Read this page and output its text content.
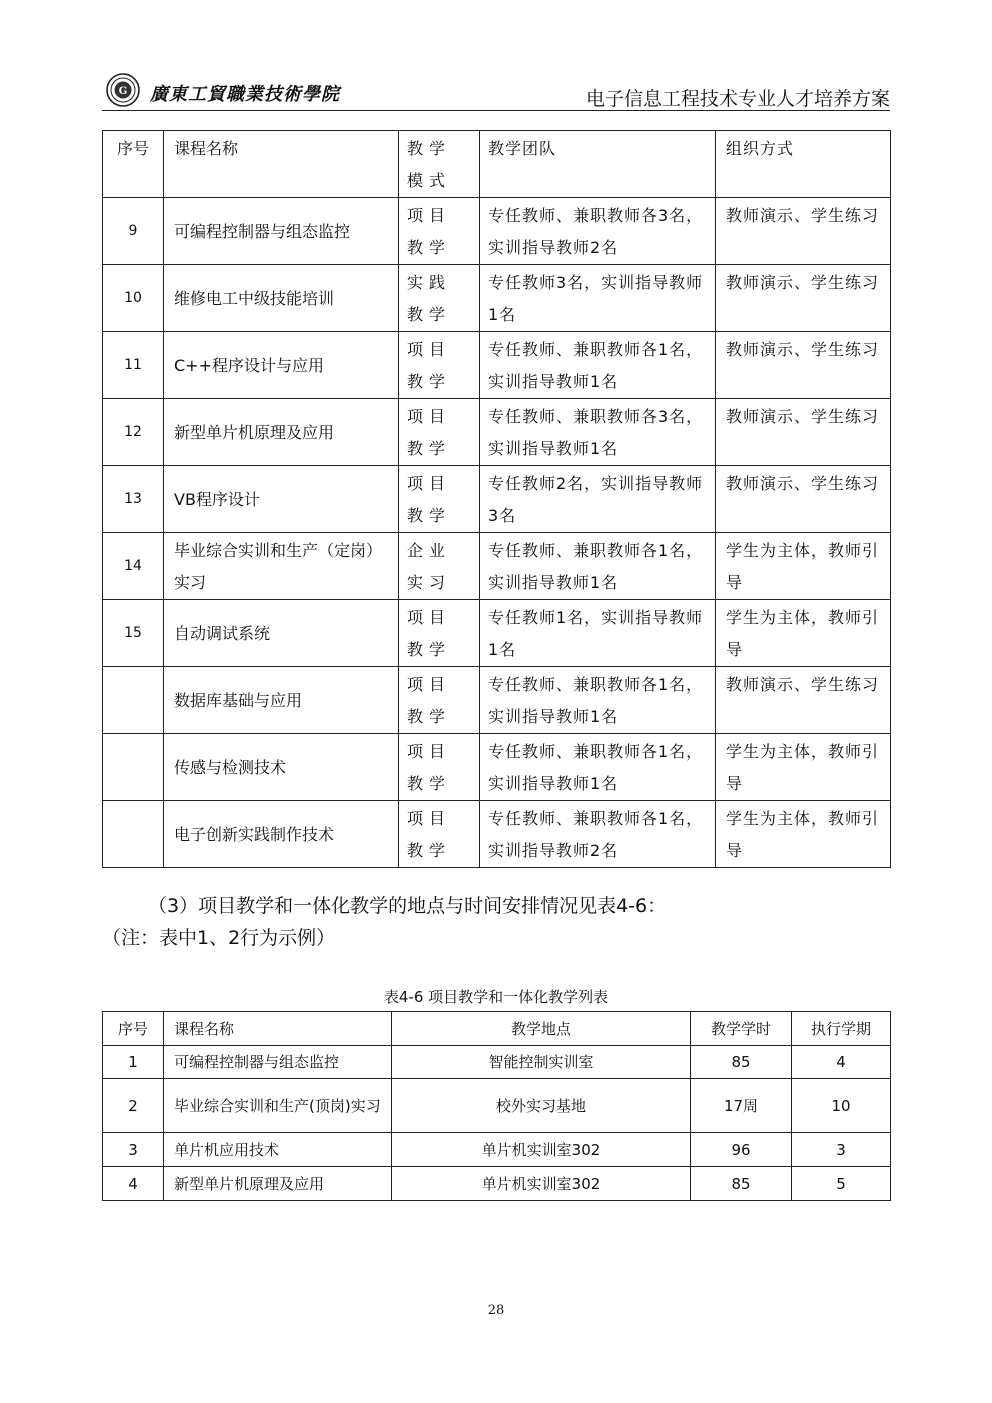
G 廣東工貿職業技術學院	电子信息工程技术专业人才培养方案
序号	课程名称	教学模式	教学团队	组织方式
9	可编程控制器与组态监控	项目教学	专任教师、兼职教师各3名，实训指导教师2名	教师演示、学生练习
10	维修电工中级技能培训	实践教学	专任教师3名，实训指导教师1名	教师演示、学生练习
11	C++程序设计与应用	项目教学	专任教师、兼职教师各1名，实训指导教师1名	教师演示、学生练习
12	新型单片机原理及应用	项目教学	专任教师、兼职教师各3名，实训指导教师1名	教师演示、学生练习
13	VB程序设计	项目教学	专任教师2名，实训指导教师3名	教师演示、学生练习
14	毕业综合实训和生产（定岗）实习	企业实习	专任教师、兼职教师各1名，实训指导教师1名	学生为主体，教师引导
15	自动调试系统	项目教学	专任教师1名，实训指导教师1名	学生为主体，教师引导
	数据库基础与应用	项目教学	专任教师、兼职教师各1名，实训指导教师1名	教师演示、学生练习
	传感与检测技术	项目教学	专任教师、兼职教师各1名，实训指导教师1名	学生为主体，教师引导
	电子创新实践制作技术	项目教学	专任教师、兼职教师各1名，实训指导教师2名	学生为主体，教师引导
（3）项目教学和一体化教学的地点与时间安排情况见表4-6：
（注：表中1、2行为示例）
表4-6 项目教学和一体化教学列表
序号	课程名称	教学地点	教学学时	执行学期
1	可编程控制器与组态监控	智能控制实训室	85	4
2	毕业综合实训和生产(顶岗)实习	校外实习基地	17周	10
3	单片机应用技术	单片机实训室302	96	3
4	新型单片机原理及应用	单片机实训室302	85	5
28
